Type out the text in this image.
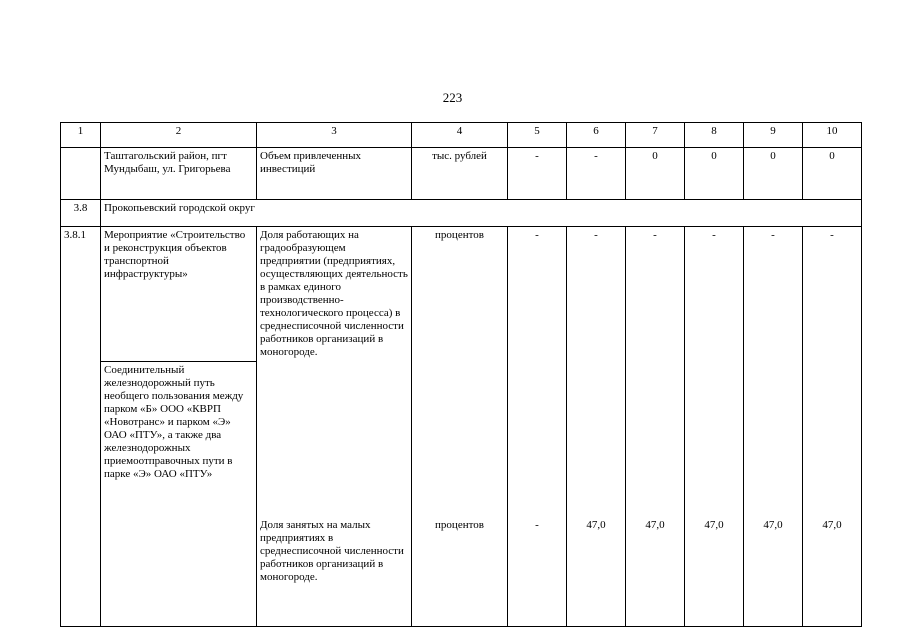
223
1	2	3	4	5	6	7	8	9	10
	Таштагольский район, пгт Мундыбаш, ул. Григорьева	Объем привлеченных инвестиций	тыс. рублей	-	-	0	0	0	0
3.8	Прокопьевский городской округ								
3.8.1	Мероприятие «Строительство и реконструкция объектов транспортной инфраструктуры»	Доля работающих на градообразующем предприятии (предприятиях, осуществляющих деятельность в рамках единого производственно-технологического процесса) в среднесписочной численности работников организаций в моногороде.	процентов	-	-	-	-	-	-
	Соединительный железнодорожный путь необщего пользования между парком «Б» ООО «КВРП «Новотранс» и парком «Э» ОАО «ПТУ», а также два железнодорожных приемоотправочных пути в парке «Э» ОАО «ПТУ»	Доля занятых на малых предприятиях в среднесписочной численности работников организаций в моногороде.	процентов	-	47,0	47,0	47,0	47,0	47,0
